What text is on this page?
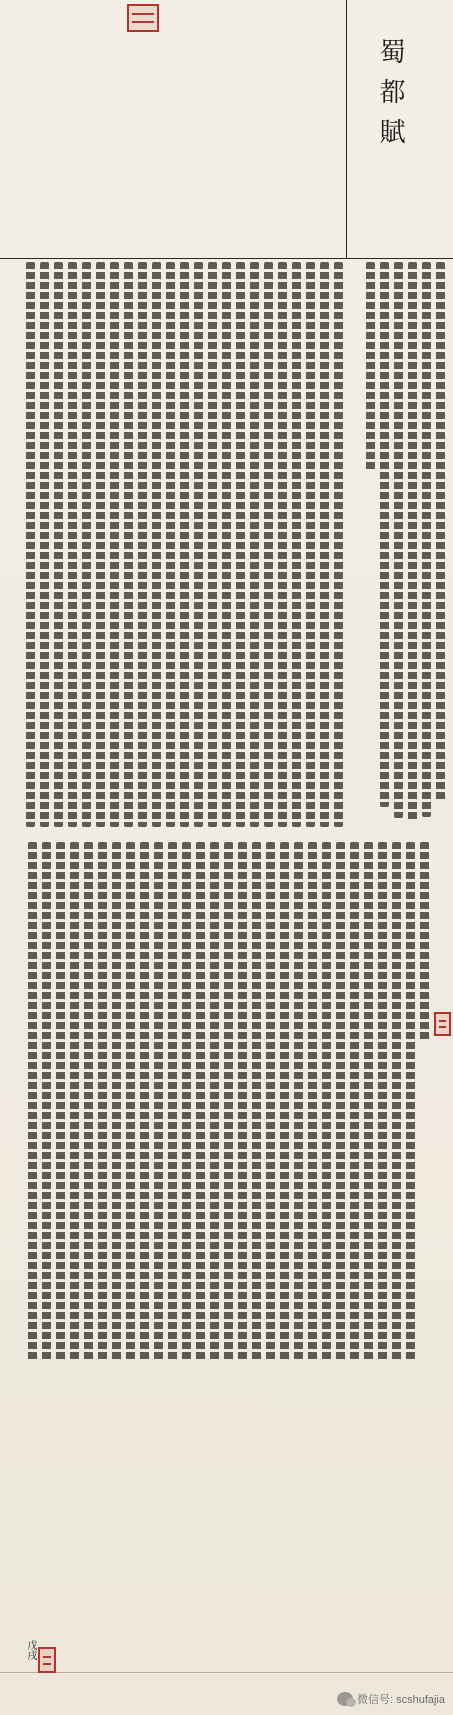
蜀都賦
戊戌
微信号: scshufajia
